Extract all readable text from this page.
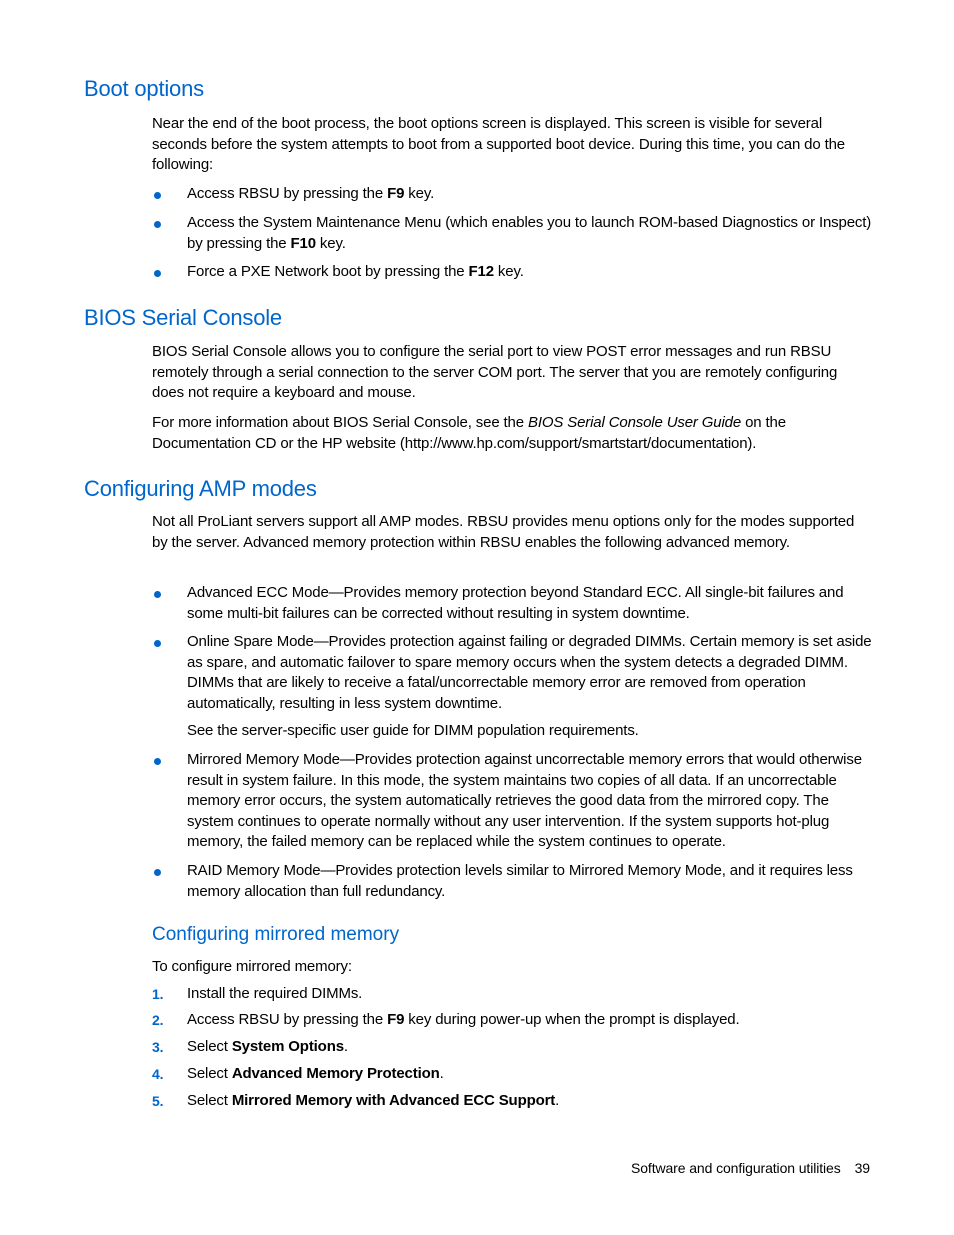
Boot options

Near the end of the boot process, the boot options screen is displayed. This screen is visible for several seconds before the system attempts to boot from a supported boot device. During this time, you can do the following:

Access RBSU by pressing the F9 key.
Access the System Maintenance Menu (which enables you to launch ROM-based Diagnostics or Inspect) by pressing the F10 key.
Force a PXE Network boot by pressing the F12 key.
BIOS Serial Console

BIOS Serial Console allows you to configure the serial port to view POST error messages and run RBSU remotely through a serial connection to the server COM port. The server that you are remotely configuring does not require a keyboard and mouse.

For more information about BIOS Serial Console, see the BIOS Serial Console User Guide on the Documentation CD or the HP website (http://www.hp.com/support/smartstart/documentation).

Configuring AMP modes

Not all ProLiant servers support all AMP modes. RBSU provides menu options only for the modes supported by the server. Advanced memory protection within RBSU enables the following advanced memory.

Advanced ECC Mode—Provides memory protection beyond Standard ECC. All single-bit failures and some multi-bit failures can be corrected without resulting in system downtime.
Online Spare Mode—Provides protection against failing or degraded DIMMs. Certain memory is set aside as spare, and automatic failover to spare memory occurs when the system detects a degraded DIMM. DIMMs that are likely to receive a fatal/uncorrectable memory error are removed from operation automatically, resulting in less system downtime.

See the server-specific user guide for DIMM population requirements.

Mirrored Memory Mode—Provides protection against uncorrectable memory errors that would otherwise result in system failure. In this mode, the system maintains two copies of all data. If an uncorrectable memory error occurs, the system automatically retrieves the good data from the mirrored copy. The system continues to operate normally without any user intervention. If the system supports hot-plug memory, the failed memory can be replaced while the system continues to operate.
RAID Memory Mode—Provides protection levels similar to Mirrored Memory Mode, and it requires less memory allocation than full redundancy.
Configuring mirrored memory

To configure mirrored memory:

1.	Install the required DIMMs.
2.	Access RBSU by pressing the F9 key during power-up when the prompt is displayed.
3.	Select System Options.
4.	Select Advanced Memory Protection.
5.	Select Mirrored Memory with Advanced ECC Support.

Software and configuration utilities 39
